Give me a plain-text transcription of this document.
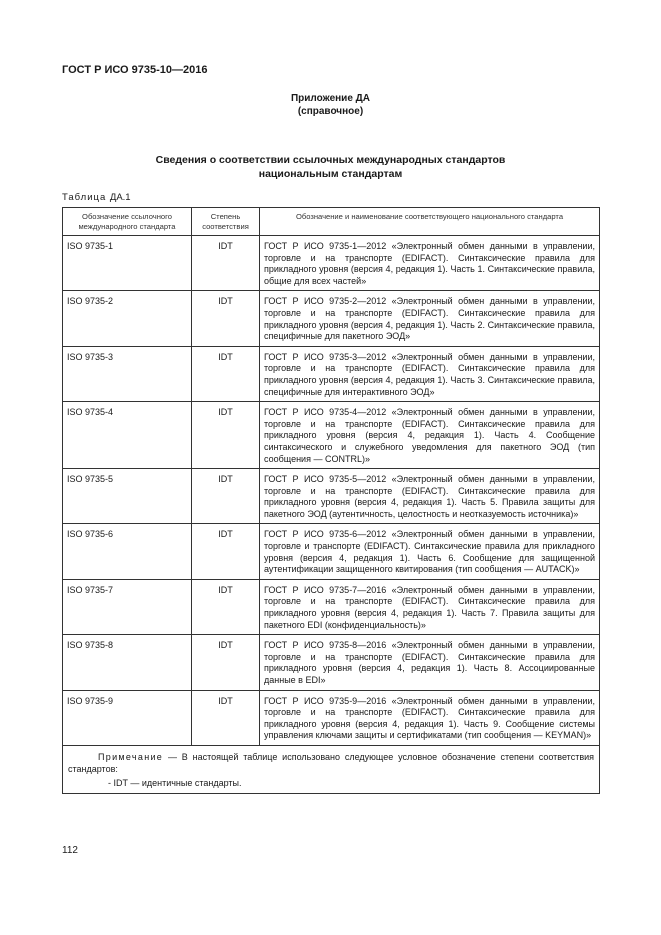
ГОСТ Р ИСО 9735-10—2016
Приложение ДА
(справочное)
Сведения о соответствии ссылочных международных стандартов
национальным стандартам
Таблица ДА.1
Обозначение ссылочного международного стандарта	Степень соответствия	Обозначение и наименование соответствующего национального стандарта
ISO 9735-1	IDT	ГОСТ Р ИСО 9735-1—2012 «Электронный обмен данными в управлении, торговле и на транспорте (EDIFACT). Синтаксические правила для прикладного уровня (версия 4, редакция 1). Часть 1. Синтаксические правила, общие для всех частей»
ISO 9735-2	IDT	ГОСТ Р ИСО 9735-2—2012 «Электронный обмен данными в управлении, торговле и на транспорте (EDIFACT). Синтаксические правила для прикладного уровня (версия 4, редакция 1). Часть 2. Синтаксические правила, специфичные для пакетного ЭОД»
ISO 9735-3	IDT	ГОСТ Р ИСО 9735-3—2012 «Электронный обмен данными в управлении, торговле и на транспорте (EDIFACT). Синтаксические правила для прикладного уровня (версия 4, редакция 1). Часть 3. Синтаксические правила, специфичные для интерактивного ЭОД»
ISO 9735-4	IDT	ГОСТ Р ИСО 9735-4—2012 «Электронный обмен данными в управлении, торговле и на транспорте (EDIFACT). Синтаксические правила для прикладного уровня (версия 4, редакция 1). Часть 4. Сообщение синтаксического и служебного уведомления для пакетного ЭОД (тип сообщения — CONTRL)»
ISO 9735-5	IDT	ГОСТ Р ИСО 9735-5—2012 «Электронный обмен данными в управлении, торговле и на транспорте (EDIFACT). Синтаксические правила для прикладного уровня (версия 4, редакция 1). Часть 5. Правила защиты для пакетного ЭОД (аутентичность, целостность и неотказуемость источника)»
ISO 9735-6	IDT	ГОСТ Р ИСО 9735-6—2012 «Электронный обмен данными в управлении, торговле и транспорте (EDIFACT). Синтаксические правила для прикладного уровня (версия 4, редакция 1). Часть 6. Сообщение для защищенной аутентификации защищенного квитирования (тип сообщения — AUTACK)»
ISO 9735-7	IDT	ГОСТ Р ИСО 9735-7—2016 «Электронный обмен данными в управлении, торговле и на транспорте (EDIFACT). Синтаксические правила для прикладного уровня (версия 4, редакция 1). Часть 7. Правила защиты для пакетного EDI (конфиденциальность)»
ISO 9735-8	IDT	ГОСТ Р ИСО 9735-8—2016 «Электронный обмен данными в управлении, торговле и на транспорте (EDIFACT). Синтаксические правила для прикладного уровня (версия 4, редакция 1). Часть 8. Ассоциированные данные в EDI»
ISO 9735-9	IDT	ГОСТ Р ИСО 9735-9—2016 «Электронный обмен данными в управлении, торговле и на транспорте (EDIFACT). Синтаксические правила для прикладного уровня (версия 4, редакция 1). Часть 9. Сообщение системы управления ключами защиты и сертификатами (тип сообщения — KEYMAN)»

Примечание — В настоящей таблице использовано следующее условное обозначение степени соответствия стандартов:
- IDT — идентичные стандарты.		
112
